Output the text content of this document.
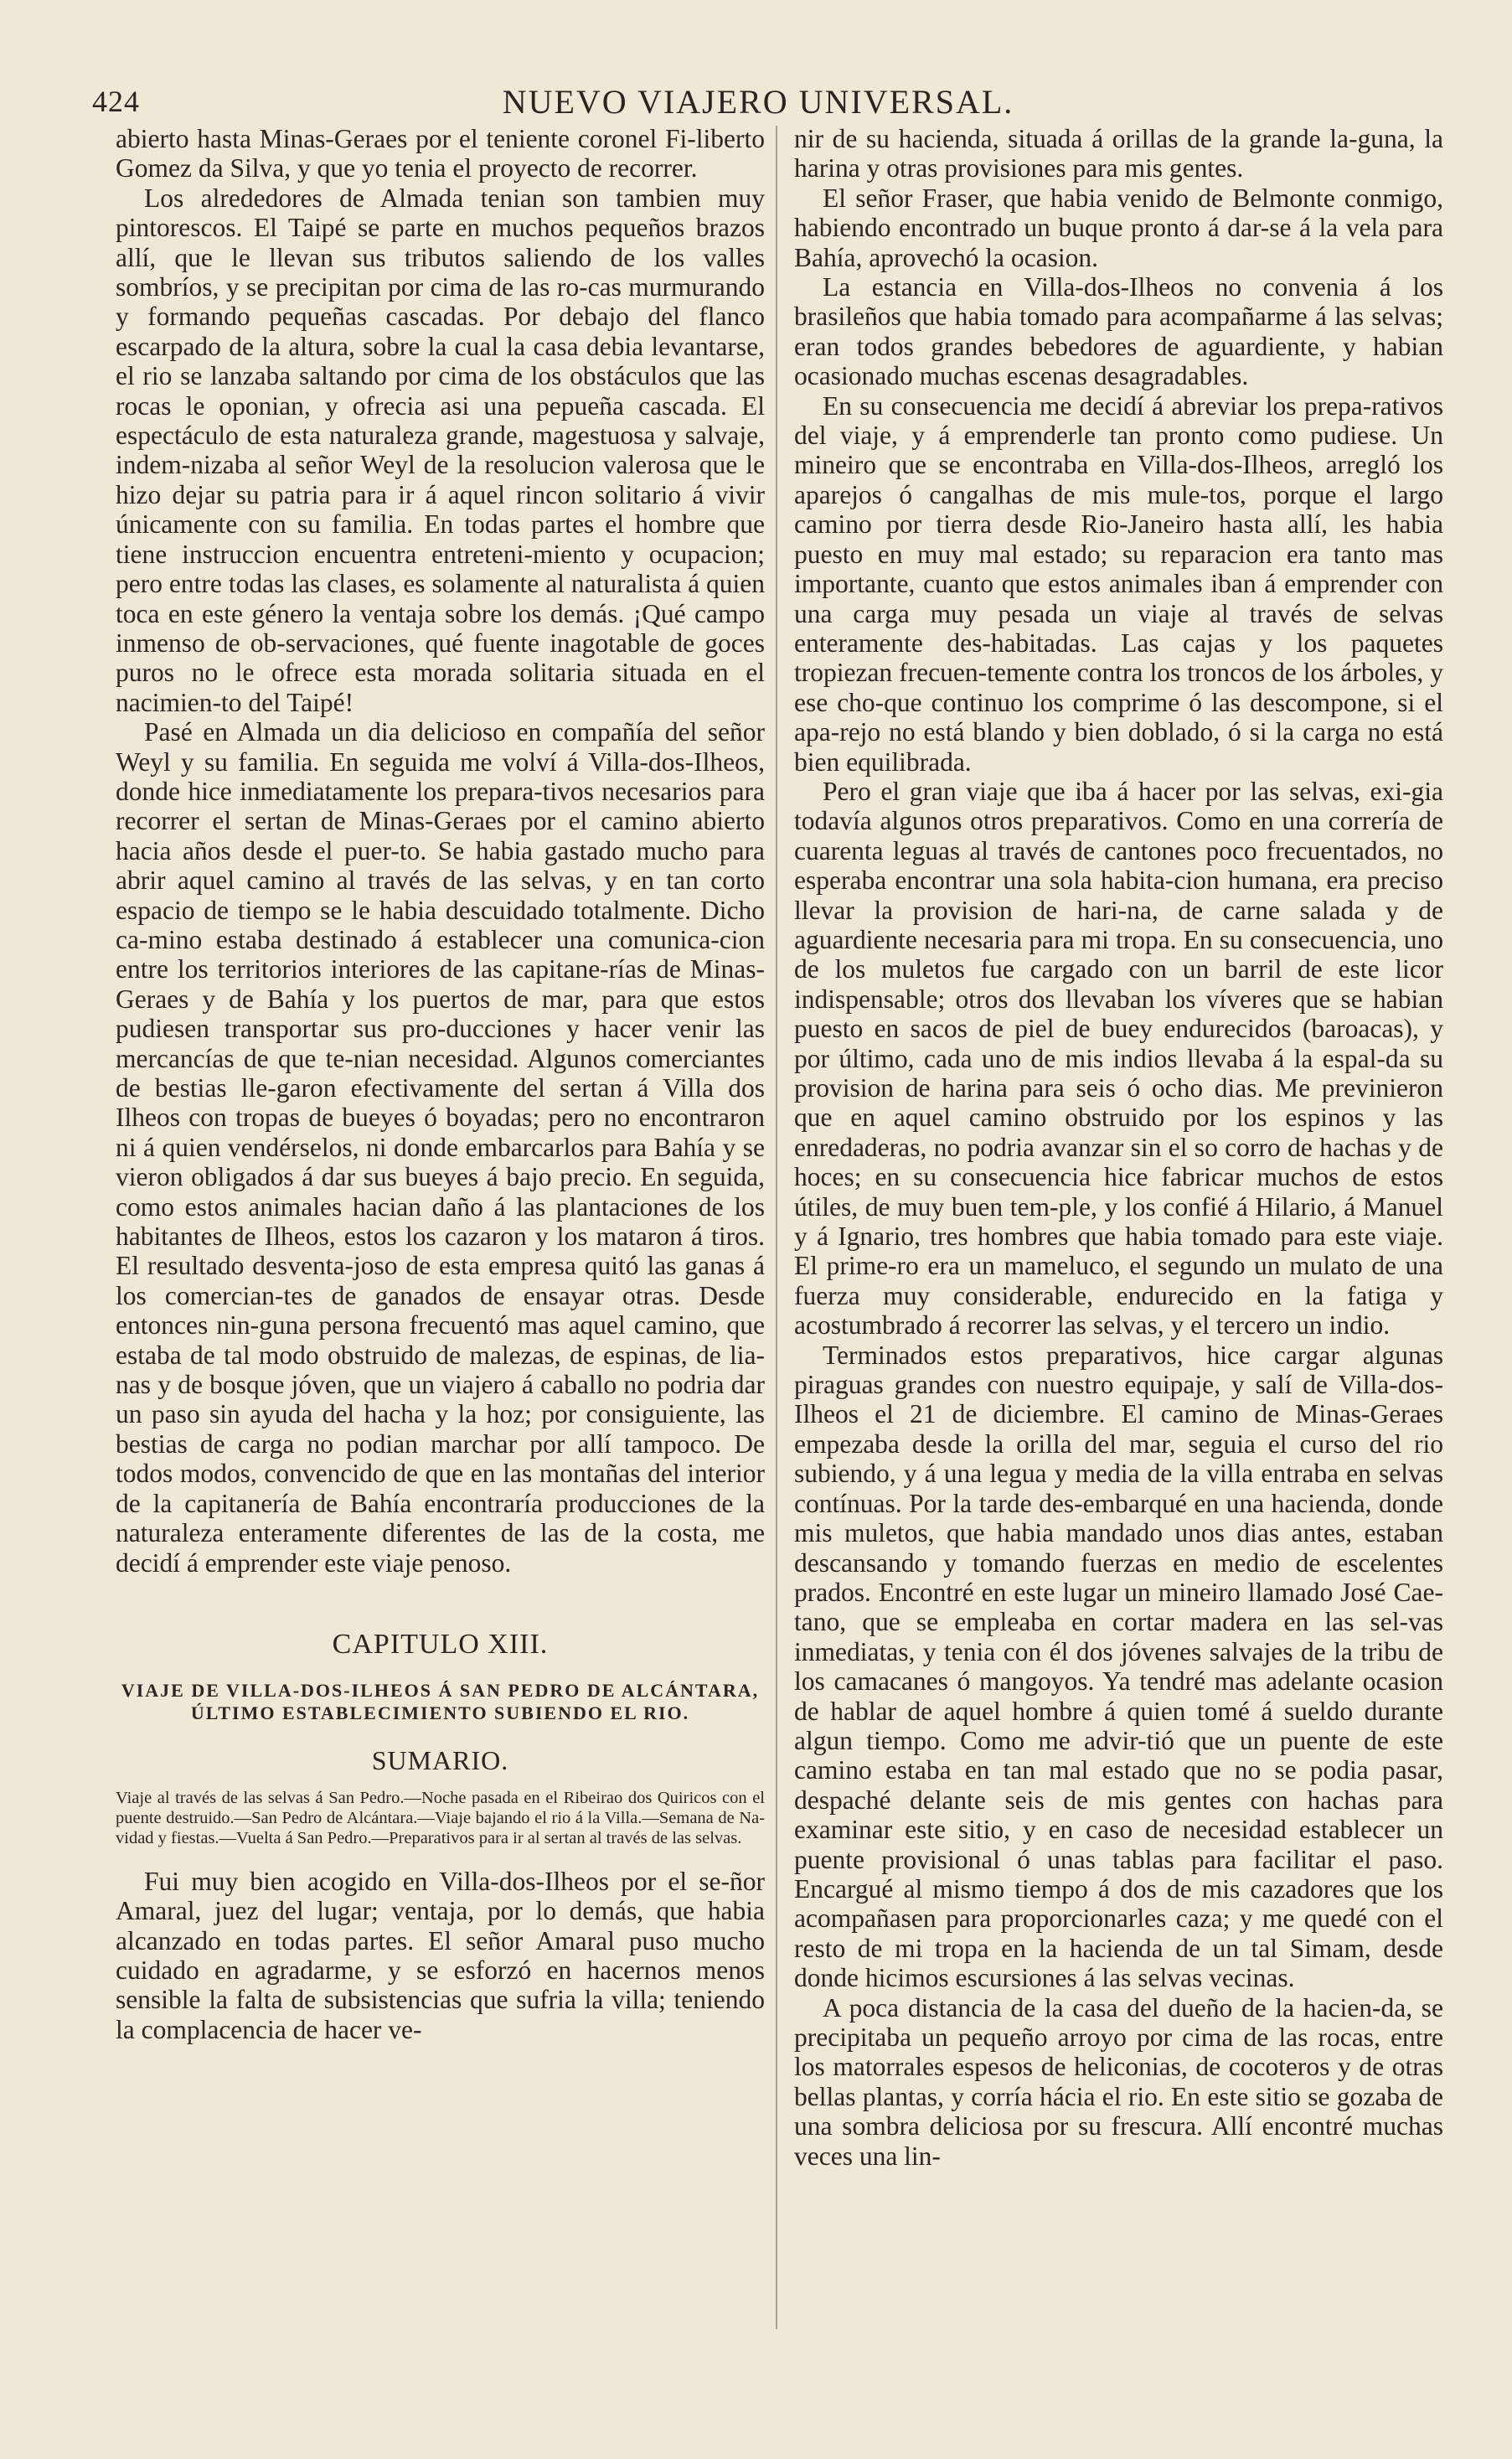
424	NUEVO VIAJERO UNIVERSAL.

abierto hasta Minas-Geraes por el teniente coronel Fi-liberto Gomez da Silva, y que yo tenia el proyecto de recorrer.

Los alrededores de Almada tenian son tambien muy pintorescos. El Taipé se parte en muchos pequeños brazos allí, que le llevan sus tributos saliendo de los valles sombríos, y se precipitan por cima de las ro-cas murmurando y formando pequeñas cascadas. Por debajo del flanco escarpado de la altura, sobre la cual la casa debia levantarse, el rio se lanzaba saltando por cima de los obstáculos que las rocas le oponian, y ofrecia asi una pepueña cascada. El espectáculo de esta naturaleza grande, magestuosa y salvaje, indem-nizaba al señor Weyl de la resolucion valerosa que le hizo dejar su patria para ir á aquel rincon solitario á vivir únicamente con su familia. En todas partes el hombre que tiene instruccion encuentra entreteni-miento y ocupacion; pero entre todas las clases, es solamente al naturalista á quien toca en este género la ventaja sobre los demás. ¡Qué campo inmenso de ob-servaciones, qué fuente inagotable de goces puros no le ofrece esta morada solitaria situada en el nacimien-to del Taipé!

Pasé en Almada un dia delicioso en compañía del señor Weyl y su familia. En seguida me volví á Villa-dos-Ilheos, donde hice inmediatamente los prepara-tivos necesarios para recorrer el sertan de Minas-Geraes por el camino abierto hacia años desde el puer-to. Se habia gastado mucho para abrir aquel camino al través de las selvas, y en tan corto espacio de tiempo se le habia descuidado totalmente. Dicho ca-mino estaba destinado á establecer una comunica-cion entre los territorios interiores de las capitane-rías de Minas-Geraes y de Bahía y los puertos de mar, para que estos pudiesen transportar sus pro-ducciones y hacer venir las mercancías de que te-nian necesidad. Algunos comerciantes de bestias lle-garon efectivamente del sertan á Villa dos Ilheos con tropas de bueyes ó boyadas; pero no encontraron ni á quien vendérselos, ni donde embarcarlos para Bahía y se vieron obligados á dar sus bueyes á bajo precio. En seguida, como estos animales hacian daño á las plantaciones de los habitantes de Ilheos, estos los cazaron y los mataron á tiros. El resultado desventa-joso de esta empresa quitó las ganas á los comercian-tes de ganados de ensayar otras. Desde entonces nin-guna persona frecuentó mas aquel camino, que estaba de tal modo obstruido de malezas, de espinas, de lia-nas y de bosque jóven, que un viajero á caballo no podria dar un paso sin ayuda del hacha y la hoz; por consiguiente, las bestias de carga no podian marchar por allí tampoco. De todos modos, convencido de que en las montañas del interior de la capitanería de Bahía encontraría producciones de la naturaleza enteramente diferentes de las de la costa, me decidí á emprender este viaje penoso.

CAPITULO XIII.
VIAJE DE VILLA-DOS-ILHEOS Á SAN PEDRO DE ALCÁNTARA, ÚLTIMO ESTABLECIMIENTO SUBIENDO EL RIO.
SUMARIO.
Viaje al través de las selvas á San Pedro.—Noche pasada en el Ribeirao dos Quiricos con el puente destruido.—San Pedro de Alcántara.—Viaje bajando el rio á la Villa.—Semana de Na-vidad y fiestas.—Vuelta á San Pedro.—Preparativos para ir al sertan al través de las selvas.

Fui muy bien acogido en Villa-dos-Ilheos por el se-ñor Amaral, juez del lugar; ventaja, por lo demás, que habia alcanzado en todas partes. El señor Amaral puso mucho cuidado en agradarme, y se esforzó en hacernos menos sensible la falta de subsistencias que sufria la villa; teniendo la complacencia de hacer ve-

nir de su hacienda, situada á orillas de la grande la-guna, la harina y otras provisiones para mis gentes.

El señor Fraser, que habia venido de Belmonte conmigo, habiendo encontrado un buque pronto á dar-se á la vela para Bahía, aprovechó la ocasion.

La estancia en Villa-dos-Ilheos no convenia á los brasileños que habia tomado para acompañarme á las selvas; eran todos grandes bebedores de aguardiente, y habian ocasionado muchas escenas desagradables.

En su consecuencia me decidí á abreviar los prepa-rativos del viaje, y á emprenderle tan pronto como pudiese. Un mineiro que se encontraba en Villa-dos-Ilheos, arregló los aparejos ó cangalhas de mis mule-tos, porque el largo camino por tierra desde Rio-Janeiro hasta allí, les habia puesto en muy mal estado; su reparacion era tanto mas importante, cuanto que estos animales iban á emprender con una carga muy pesada un viaje al través de selvas enteramente des-habitadas. Las cajas y los paquetes tropiezan frecuen-temente contra los troncos de los árboles, y ese cho-que continuo los comprime ó las descompone, si el apa-rejo no está blando y bien doblado, ó si la carga no está bien equilibrada.

Pero el gran viaje que iba á hacer por las selvas, exi-gia todavía algunos otros preparativos. Como en una correría de cuarenta leguas al través de cantones poco frecuentados, no esperaba encontrar una sola habita-cion humana, era preciso llevar la provision de hari-na, de carne salada y de aguardiente necesaria para mi tropa. En su consecuencia, uno de los muletos fue cargado con un barril de este licor indispensable; otros dos llevaban los víveres que se habian puesto en sacos de piel de buey endurecidos (baroacas), y por último, cada uno de mis indios llevaba á la espal-da su provision de harina para seis ó ocho dias. Me previnieron que en aquel camino obstruido por los espinos y las enredaderas, no podria avanzar sin el so corro de hachas y de hoces; en su consecuencia hice fabricar muchos de estos útiles, de muy buen tem-ple, y los confié á Hilario, á Manuel y á Ignario, tres hombres que habia tomado para este viaje. El prime-ro era un mameluco, el segundo un mulato de una fuerza muy considerable, endurecido en la fatiga y acostumbrado á recorrer las selvas, y el tercero un indio.

Terminados estos preparativos, hice cargar algunas piraguas grandes con nuestro equipaje, y salí de Villa-dos-Ilheos el 21 de diciembre. El camino de Minas-Geraes empezaba desde la orilla del mar, seguia el curso del rio subiendo, y á una legua y media de la villa entraba en selvas contínuas. Por la tarde des-embarqué en una hacienda, donde mis muletos, que habia mandado unos dias antes, estaban descansando y tomando fuerzas en medio de escelentes prados. Encontré en este lugar un mineiro llamado José Cae-tano, que se empleaba en cortar madera en las sel-vas inmediatas, y tenia con él dos jóvenes salvajes de la tribu de los camacanes ó mangoyos. Ya tendré mas adelante ocasion de hablar de aquel hombre á quien tomé á sueldo durante algun tiempo. Como me advir-tió que un puente de este camino estaba en tan mal estado que no se podia pasar, despaché delante seis de mis gentes con hachas para examinar este sitio, y en caso de necesidad establecer un puente provisional ó unas tablas para facilitar el paso. Encargué al mismo tiempo á dos de mis cazadores que los acompañasen para proporcionarles caza; y me quedé con el resto de mi tropa en la hacienda de un tal Simam, desde donde hicimos escursiones á las selvas vecinas.

A poca distancia de la casa del dueño de la hacien-da, se precipitaba un pequeño arroyo por cima de las rocas, entre los matorrales espesos de heliconias, de cocoteros y de otras bellas plantas, y corría hácia el rio. En este sitio se gozaba de una sombra deliciosa por su frescura. Allí encontré muchas veces una lin-
